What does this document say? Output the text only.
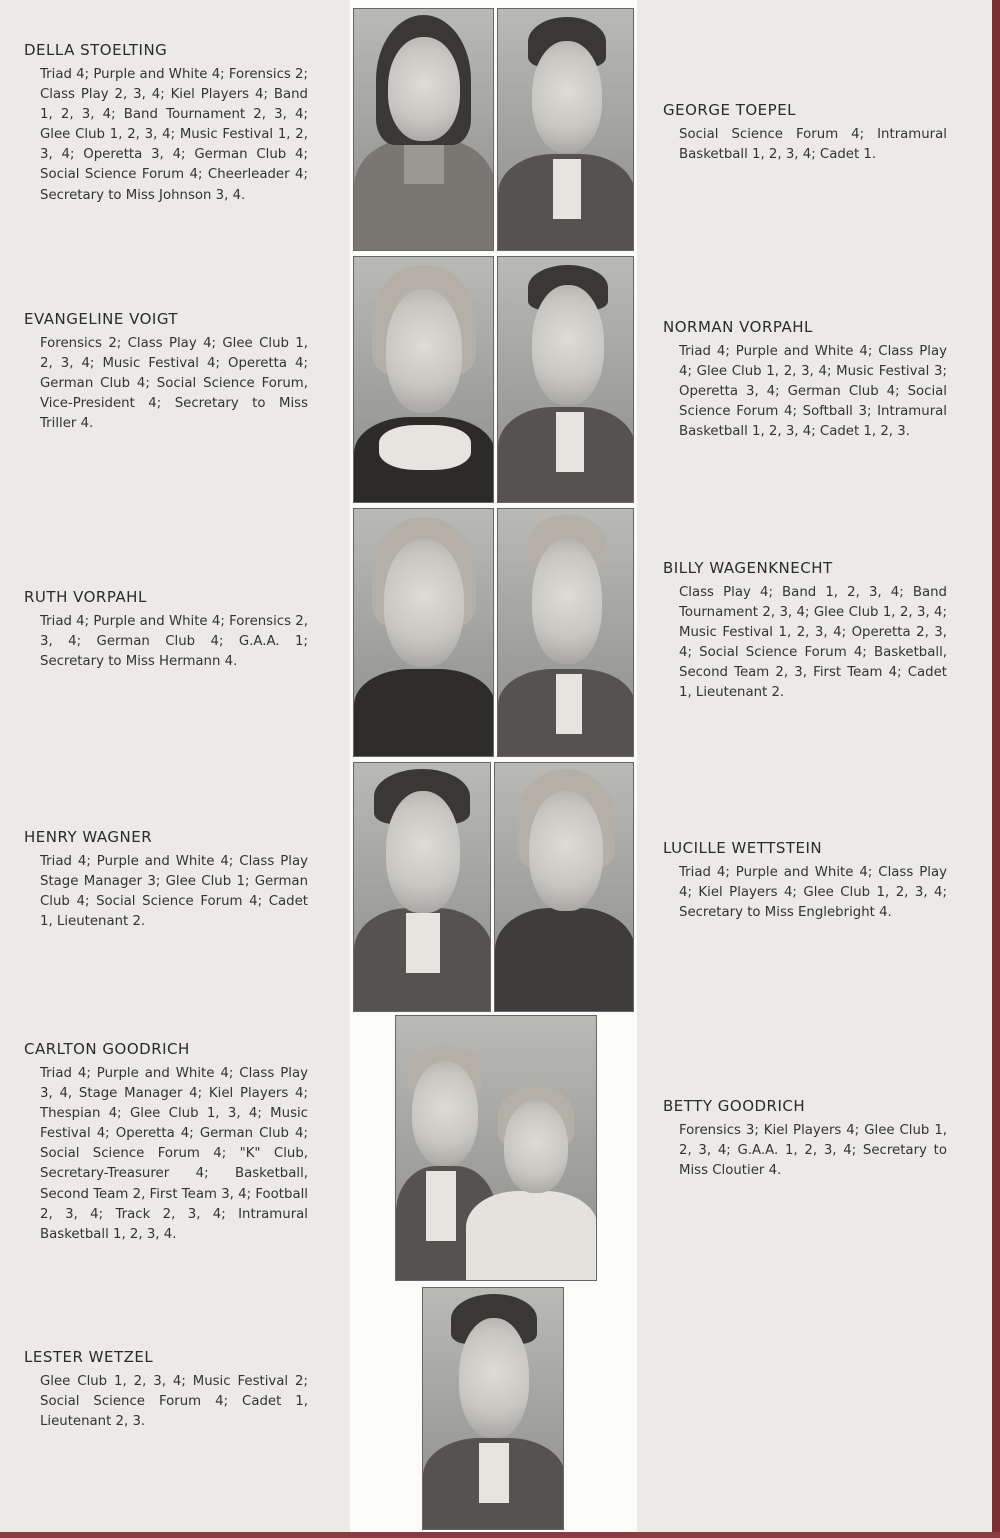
DELLA STOELTING
Triad 4; Purple and White 4; Forensics 2; Class Play 2, 3, 4; Kiel Players 4; Band 1, 2, 3, 4; Band Tournament 2, 3, 4; Glee Club 1, 2, 3, 4; Music Festival 1, 2, 3, 4; Operetta 3, 4; German Club 4; Social Science Forum 4; Cheerleader 4; Secretary to Miss Johnson 3, 4.
EVANGELINE VOIGT
Forensics 2; Class Play 4; Glee Club 1, 2, 3, 4; Music Festival 4; Operetta 4; German Club 4; Social Science Forum, Vice-President 4; Secretary to Miss Triller 4.
RUTH VORPAHL
Triad 4; Purple and White 4; Forensics 2, 3, 4; German Club 4; G.A.A. 1; Secretary to Miss Hermann 4.
HENRY WAGNER
Triad 4; Purple and White 4; Class Play Stage Manager 3; Glee Club 1; German Club 4; Social Science Forum 4; Cadet 1, Lieutenant 2.
CARLTON GOODRICH
Triad 4; Purple and White 4; Class Play 3, 4, Stage Manager 4; Kiel Players 4; Thespian 4; Glee Club 1, 3, 4; Music Festival 4; Operetta 4; German Club 4; Social Science Forum 4; "K" Club, Secretary-Treasurer 4; Basketball, Second Team 2, First Team 3, 4; Football 2, 3, 4; Track 2, 3, 4; Intramural Basketball 1, 2, 3, 4.
LESTER WETZEL
Glee Club 1, 2, 3, 4; Music Festival 2; Social Science Forum 4; Cadet 1, Lieutenant 2, 3.
GEORGE TOEPEL
Social Science Forum 4; Intramural Basketball 1, 2, 3, 4; Cadet 1.
NORMAN VORPAHL
Triad 4; Purple and White 4; Class Play 4; Glee Club 1, 2, 3, 4; Music Festival 3; Operetta 3, 4; German Club 4; Social Science Forum 4; Softball 3; Intramural Basketball 1, 2, 3, 4; Cadet 1, 2, 3.
BILLY WAGENKNECHT
Class Play 4; Band 1, 2, 3, 4; Band Tournament 2, 3, 4; Glee Club 1, 2, 3, 4; Music Festival 1, 2, 3, 4; Operetta 2, 3, 4; Social Science Forum 4; Basketball, Second Team 2, 3, First Team 4; Cadet 1, Lieutenant 2.
LUCILLE WETTSTEIN
Triad 4; Purple and White 4; Class Play 4; Kiel Players 4; Glee Club 1, 2, 3, 4; Secretary to Miss Englebright 4.
BETTY GOODRICH
Forensics 3; Kiel Players 4; Glee Club 1, 2, 3, 4; G.A.A. 1, 2, 3, 4; Secretary to Miss Cloutier 4.
